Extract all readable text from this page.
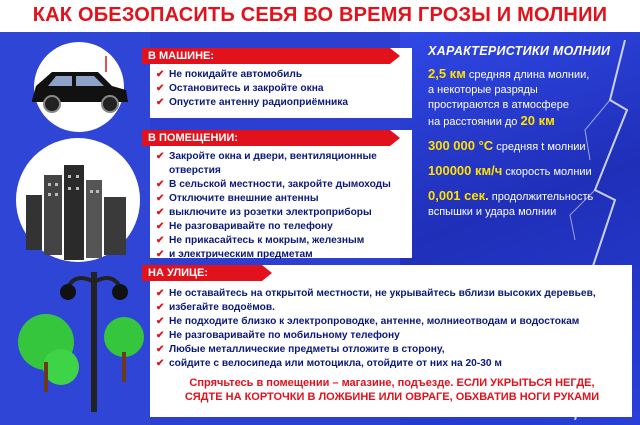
КАК ОБЕЗОПАСИТЬ СЕБЯ ВО ВРЕМЯ ГРОЗЫ И МОЛНИИ
В МАШИНЕ:
✔ Не покидайте автомобиль
✔ Остановитесь и закройте окна
✔ Опустите антенну радиоприёмника
В ПОМЕЩЕНИИ:
✔ Закройте окна и двери, вентиляционные отверстия
✔ В сельской местности, закройте дымоходы
✔ Отключите внешние антенны
✔ выключите из розетки электроприборы
✔ Не разговаривайте по телефону
✔ Не прикасайтесь к мокрым, железным
✔ и электрическим предметам
НА УЛИЦЕ:
✔ Не оставайтесь на открытой местности, не укрывайтесь вблизи высоких деревьев,
✔ избегайте водоёмов.
✔ Не подходите близко к электропроводке, антенне, молниеотводам и водостокам
✔ Не разговаривайте по мобильному телефону
✔ Любые металлические предметы отложите в сторону,
✔ сойдите с велосипеда или мотоцикла, отойдите от них на 20-30 м
Спрячьтесь в помещении – магазине, подъезде. ЕСЛИ УКРЫТЬСЯ НЕГДЕ,
СЯДТЕ НА КОРТОЧКИ В ЛОЖБИНЕ ИЛИ ОВРАГЕ, ОБХВАТИВ НОГИ РУКАМИ
ХАРАКТЕРИСТИКИ МОЛНИИ

2,5 км средняя длина молнии,

а некоторые разряды

простираются в атмосфере

на расстоянии до 20 км

300 000 °C средняя t молнии

100000 км/ч скорость молнии

0,001 сек. продолжительность

вспышки и удара молнии
